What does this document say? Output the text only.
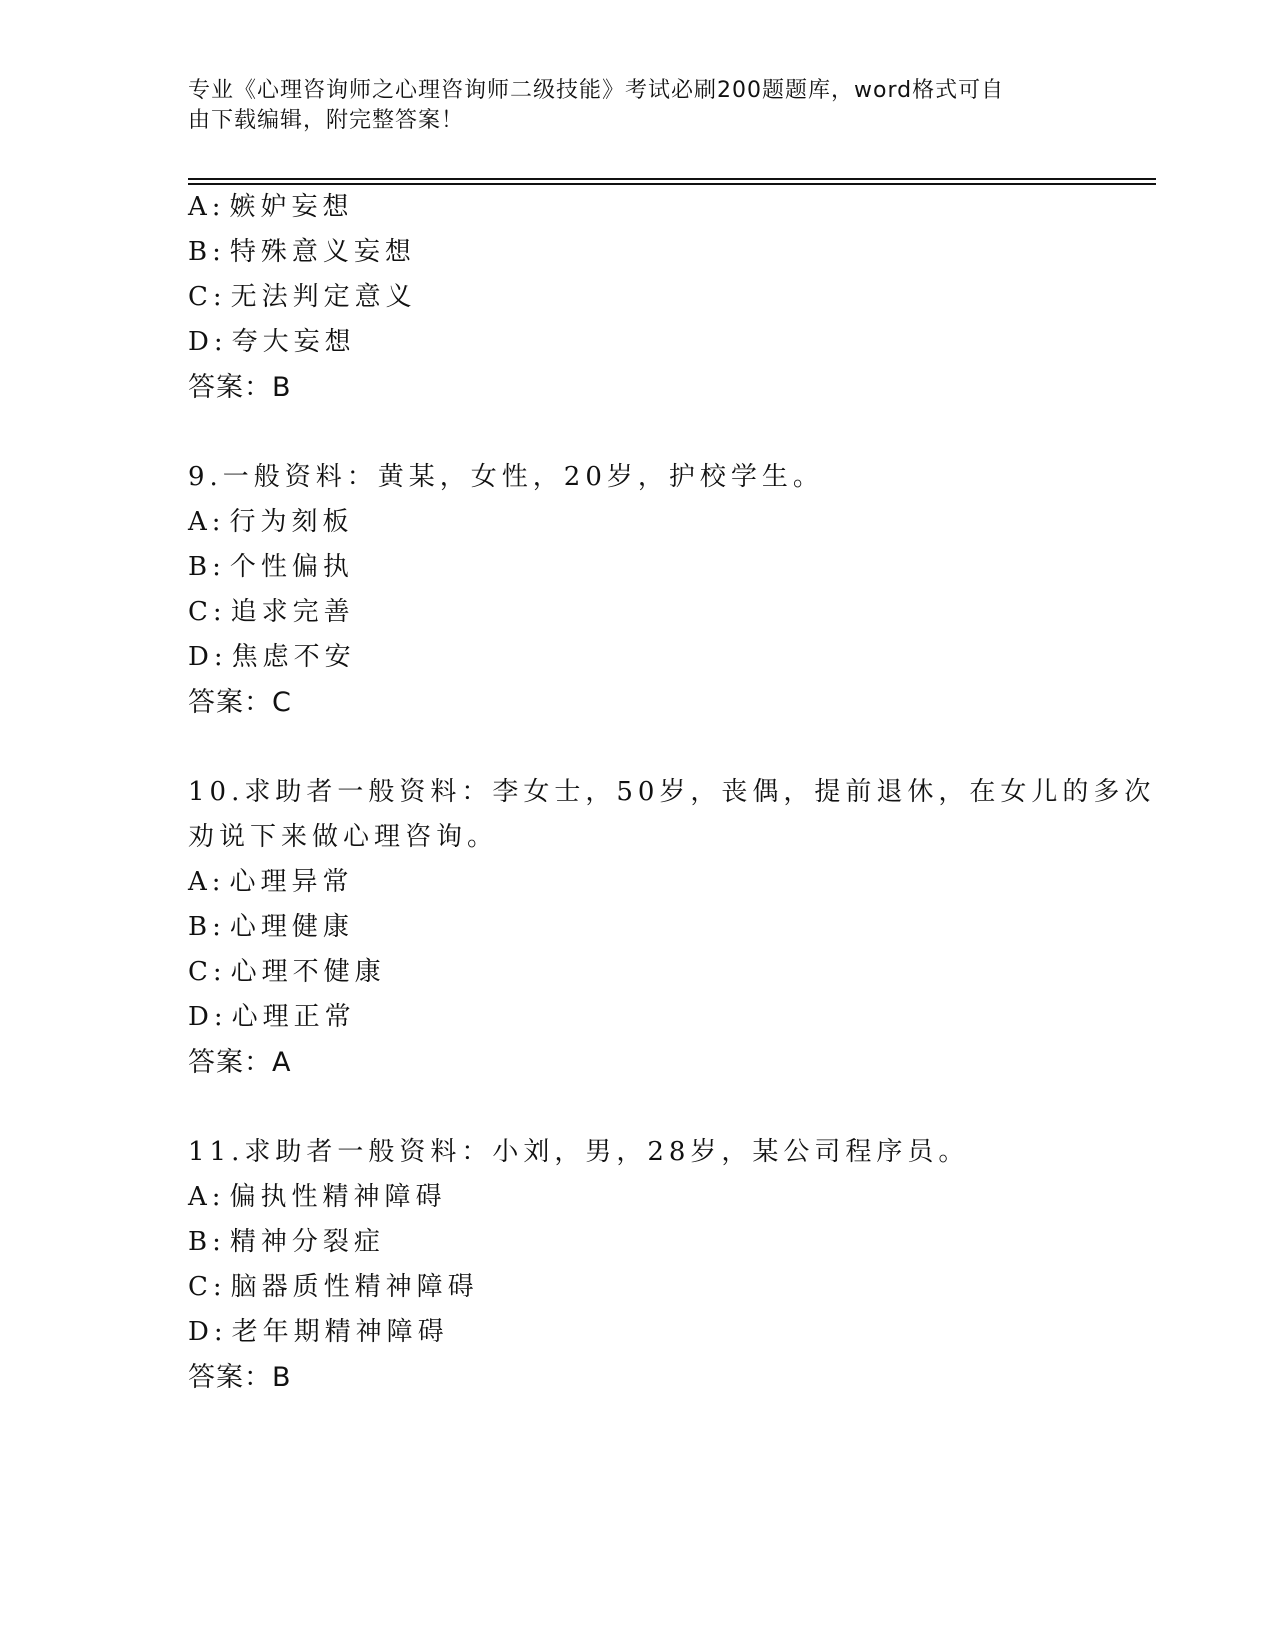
专业《心理咨询师之心理咨询师二级技能》考试必刷200题题库，word格式可自
由下载编辑，附完整答案！
A: 嫉妒妄想
B: 特殊意义妄想
C: 无法判定意义
D: 夸大妄想
答案：B
9.一般资料：黄某，女性，20岁，护校学生。
A: 行为刻板
B: 个性偏执
C: 追求完善
D: 焦虑不安
答案：C
10.求助者一般资料：李女士，50岁，丧偶，提前退休，在女儿的多次
劝说下来做心理咨询。
A: 心理异常
B: 心理健康
C: 心理不健康
D: 心理正常
答案：A
11.求助者一般资料：小刘，男，28岁，某公司程序员。
A: 偏执性精神障碍
B: 精神分裂症
C: 脑器质性精神障碍
D: 老年期精神障碍
答案：B
